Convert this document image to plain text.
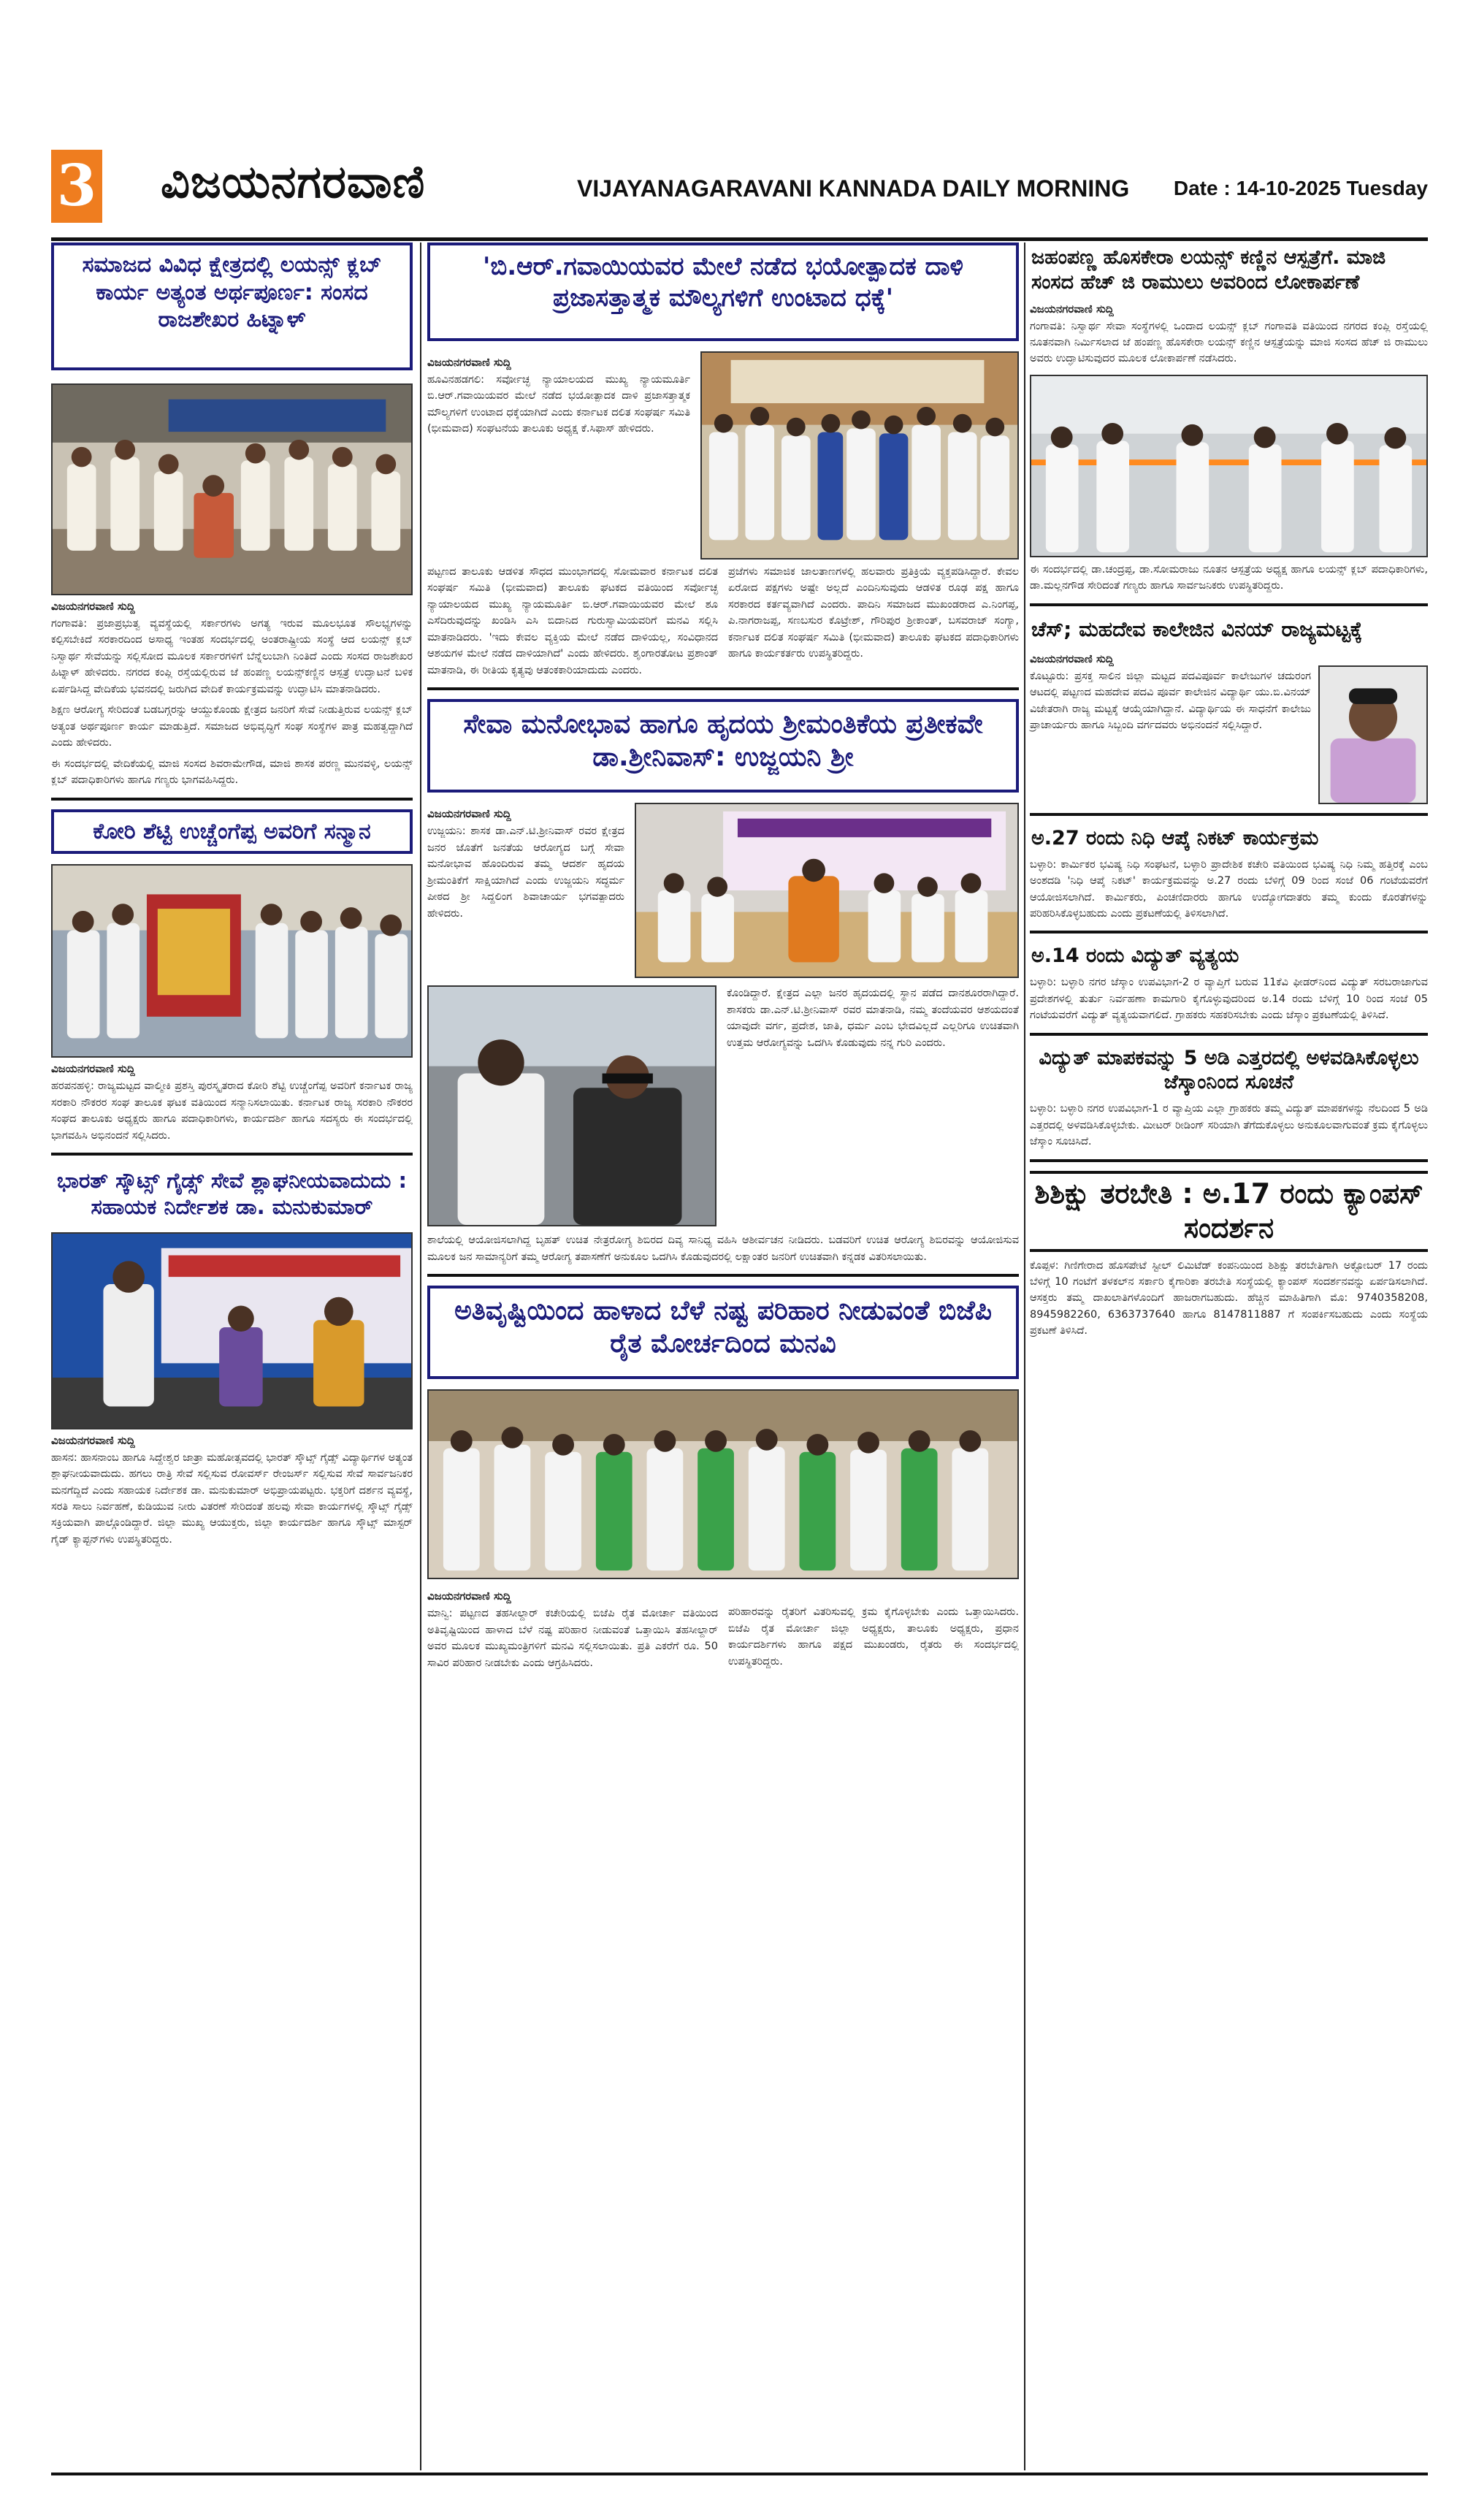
3 ವಿಜಯನಗರವಾಣಿ	VIJAYANAGARAVANI KANNADA DAILY MORNING Date : 14-10-2025 Tuesday
ಸಮಾಜದ ವಿವಿಧ ಕ್ಷೇತ್ರದಲ್ಲಿ ಲಯನ್ಸ್ ಕ್ಲಬ್ ಕಾರ್ಯ ಅತ್ಯಂತ ಅರ್ಥಪೂರ್ಣ: ಸಂಸದ ರಾಜಶೇಖರ ಹಿಟ್ನಾಳ್
ವಿಜಯನಗರವಾಣಿ ಸುದ್ದಿ

ಗಂಗಾವತಿ: ಪ್ರಜಾಪ್ರಭುತ್ವ ವ್ಯವಸ್ಥೆಯಲ್ಲಿ ಸರ್ಕಾರಗಳು ಅಗತ್ಯ ಇರುವ ಮೂಲಭೂತ ಸೌಲಭ್ಯಗಳನ್ನು ಕಲ್ಪಿಸಬೇಕಿದೆ ಸರಕಾರದಿಂದ ಅಸಾಧ್ಯ ಇಂತಹ ಸಂದರ್ಭದಲ್ಲಿ ಅಂತರಾಷ್ಟ್ರೀಯ ಸಂಸ್ಥೆ ಆದ ಲಯನ್ಸ್ ಕ್ಲಬ್ ನಿಸ್ವಾರ್ಥ ಸೇವೆಯನ್ನು ಸಲ್ಲಿಸೋದ ಮೂಲಕ ಸರ್ಕಾರಗಳಿಗೆ ಬೆನ್ನೆಲುಬಾಗಿ ನಿಂತಿದೆ ಎಂದು ಸಂಸದ ರಾಜಶೇಖರ ಹಿಟ್ನಾಳ್ ಹೇಳಿದರು. ನಗರದ ಕಂಪ್ಲಿ ರಸ್ತೆಯಲ್ಲಿರುವ ಜೆ ಹಂಪಣ್ಣ ಲಯನ್ಸ್‌ಕಣ್ಣಿನ ಆಸ್ಪತ್ರೆ ಉದ್ಘಾಟನೆ ಬಳಿಕ ಏರ್ಪಡಿಸಿದ್ದ ವೇದಿಕೆಯ ಭವನದಲ್ಲಿ ಜರುಗಿದ ವೇದಿಕೆ ಕಾರ್ಯಕ್ರಮವನ್ನು ಉದ್ಘಾಟಿಸಿ ಮಾತನಾಡಿದರು.

ಶಿಕ್ಷಣ ಆರೋಗ್ಯ ಸೇರಿದಂತೆ ಬಡಬಗ್ಗರನ್ನು ಆಯ್ದುಕೊಂಡು ಕ್ಷೇತ್ರದ ಜನರಿಗೆ ಸೇವೆ ನೀಡುತ್ತಿರುವ ಲಯನ್ಸ್ ಕ್ಲಬ್ ಅತ್ಯಂತ ಅರ್ಥಪೂರ್ಣ ಕಾರ್ಯ ಮಾಡುತ್ತಿದೆ. ಸಮಾಜದ ಅಭಿವೃದ್ಧಿಗೆ ಸಂಘ ಸಂಸ್ಥೆಗಳ ಪಾತ್ರ ಮಹತ್ವದ್ದಾಗಿದೆ ಎಂದು ಹೇಳಿದರು.

ಈ ಸಂದರ್ಭದಲ್ಲಿ ವೇದಿಕೆಯಲ್ಲಿ ಮಾಜಿ ಸಂಸದ ಶಿವರಾಮೇಗೌಡ, ಮಾಜಿ ಶಾಸಕ ಪರಣ್ಣ ಮುನವಳ್ಳಿ, ಲಯನ್ಸ್ ಕ್ಲಬ್ ಪದಾಧಿಕಾರಿಗಳು ಹಾಗೂ ಗಣ್ಯರು ಭಾಗವಹಿಸಿದ್ದರು.

ಕೋರಿ ಶೆಟ್ಟಿ ಉಚ್ಚೆಂಗೆಪ್ಪ ಅವರಿಗೆ ಸನ್ಮಾನ
ವಿಜಯನಗರವಾಣಿ ಸುದ್ದಿ

ಹರಪನಹಳ್ಳಿ: ರಾಜ್ಯಮಟ್ಟದ ವಾಲ್ಮೀಕಿ ಪ್ರಶಸ್ತಿ ಪುರಸ್ಕೃತರಾದ ಕೋರಿ ಶೆಟ್ಟಿ ಉಚ್ಚೆಂಗೆಪ್ಪ ಅವರಿಗೆ ಕರ್ನಾಟಕ ರಾಜ್ಯ ಸರಕಾರಿ ನೌಕರರ ಸಂಘ ತಾಲೂಕ ಘಟಕ ವತಿಯಿಂದ ಸನ್ಮಾನಿಸಲಾಯಿತು. ಕರ್ನಾಟಕ ರಾಜ್ಯ ಸರಕಾರಿ ನೌಕರರ ಸಂಘದ ತಾಲೂಕು ಅಧ್ಯಕ್ಷರು ಹಾಗೂ ಪದಾಧಿಕಾರಿಗಳು, ಕಾರ್ಯದರ್ಶಿ ಹಾಗೂ ಸದಸ್ಯರು ಈ ಸಂದರ್ಭದಲ್ಲಿ ಭಾಗವಹಿಸಿ ಅಭಿನಂದನೆ ಸಲ್ಲಿಸಿದರು.

ಭಾರತ್ ಸ್ಕೌಟ್ಸ್ ಗೈಡ್ಸ್ ಸೇವೆ ಶ್ಲಾಘನೀಯವಾದುದು : ಸಹಾಯಕ ನಿರ್ದೇಶಕ ಡಾ. ಮನುಕುಮಾರ್
ವಿಜಯನಗರವಾಣಿ ಸುದ್ದಿ

ಹಾಸನ: ಹಾಸನಾಂಬ ಹಾಗೂ ಸಿದ್ದೇಶ್ವರ ಜಾತ್ರಾ ಮಹೋತ್ಸವದಲ್ಲಿ ಭಾರತ್ ಸ್ಕೌಟ್ಸ್ ಗೈಡ್ಸ್ ವಿದ್ಯಾರ್ಥಿಗಳ ಅತ್ಯಂತ ಶ್ಲಾಘನೀಯವಾದುದು. ಹಗಲು ರಾತ್ರಿ ಸೇವೆ ಸಲ್ಲಿಸುವ ರೋವರ್ಸ್ ರೇಂಜರ್ಸ್ ಸಲ್ಲಿಸುವ ಸೇವೆ ಸಾರ್ವಜನಿಕರ ಮನಗೆದ್ದಿದೆ ಎಂದು ಸಹಾಯಕ ನಿರ್ದೇಶಕ ಡಾ. ಮನುಕುಮಾರ್ ಅಭಿಪ್ರಾಯಪಟ್ಟರು. ಭಕ್ತರಿಗೆ ದರ್ಶನ ವ್ಯವಸ್ಥೆ, ಸರತಿ ಸಾಲು ನಿರ್ವಹಣೆ, ಕುಡಿಯುವ ನೀರು ವಿತರಣೆ ಸೇರಿದಂತೆ ಹಲವು ಸೇವಾ ಕಾರ್ಯಗಳಲ್ಲಿ ಸ್ಕೌಟ್ಸ್ ಗೈಡ್ಸ್ ಸಕ್ರಿಯವಾಗಿ ಪಾಲ್ಗೊಂಡಿದ್ದಾರೆ. ಜಿಲ್ಲಾ ಮುಖ್ಯ ಆಯುಕ್ತರು, ಜಿಲ್ಲಾ ಕಾರ್ಯದರ್ಶಿ ಹಾಗೂ ಸ್ಕೌಟ್ಸ್ ಮಾಸ್ಟರ್ ಗೈಡ್ ಕ್ಯಾಪ್ಟನ್‌ಗಳು ಉಪಸ್ಥಿತರಿದ್ದರು.

'ಬಿ.ಆರ್.ಗವಾಯಿಯವರ ಮೇಲೆ ನಡೆದ ಭಯೋತ್ಪಾದಕ ದಾಳಿ ಪ್ರಜಾಸತ್ತಾತ್ಮಕ ಮೌಲ್ಯಗಳಿಗೆ ಉಂಟಾದ ಧಕ್ಕೆ'
ವಿಜಯನಗರವಾಣಿ ಸುದ್ದಿ

ಹೂವಿನಹಡಗಲಿ: ಸರ್ವೋಚ್ಛ ನ್ಯಾಯಾಲಯದ ಮುಖ್ಯ ನ್ಯಾಯಮೂರ್ತಿ ಬಿ.ಆರ್.ಗವಾಯಿಯವರ ಮೇಲೆ ನಡೆದ ಭಯೋತ್ಪಾದಕ ದಾಳಿ ಪ್ರಜಾಸತ್ತಾತ್ಮಕ ಮೌಲ್ಯಗಳಿಗೆ ಉಂಟಾದ ಧಕ್ಕೆಯಾಗಿದೆ ಎಂದು ಕರ್ನಾಟಕ ದಲಿತ ಸಂಘರ್ಷ ಸಮಿತಿ (ಭೀಮವಾದ) ಸಂಘಟನೆಯ ತಾಲೂಕು ಅಧ್ಯಕ್ಷ ಕೆ.ಸಿಫಾಸ್ ಹೇಳಿದರು.

ಪಟ್ಟಣದ ತಾಲೂಕು ಆಡಳಿತ ಸೌಧದ ಮುಂಭಾಗದಲ್ಲಿ ಸೋಮವಾರ ಕರ್ನಾಟಕ ದಲಿತ ಸಂಘರ್ಷ ಸಮಿತಿ (ಭೀಮವಾದ) ತಾಲೂಕು ಘಟಕದ ವತಿಯಿಂದ ಸರ್ವೋಚ್ಛ ನ್ಯಾಯಾಲಯದ ಮುಖ್ಯ ನ್ಯಾಯಮೂರ್ತಿ ಬಿ.ಆರ್.ಗವಾಯಿಯವರ ಮೇಲೆ ಶೂ ಎಸೆದಿರುವುದನ್ನು ಖಂಡಿಸಿ ಎಸಿ ಬಿದಾನಿದ ಗುರುಸ್ವಾಮಿಯವರಿಗೆ ಮನವಿ ಸಲ್ಲಿಸಿ ಮಾತನಾಡಿದರು. 'ಇದು ಕೇವಲ ವ್ಯಕ್ತಿಯ ಮೇಲೆ ನಡೆದ ದಾಳಿಯಲ್ಲ, ಸಂವಿಧಾನದ ಆಶಯಗಳ ಮೇಲೆ ನಡೆದ ದಾಳಿಯಾಗಿದೆ' ಎಂದು ಹೇಳಿದರು. ಶೃಂಗಾರತೋಟ ಪ್ರಶಾಂತ್ ಮಾತನಾಡಿ, ಈ ರೀತಿಯ ಕೃತ್ಯವು ಆತಂಕಕಾರಿಯಾದುದು ಎಂದರು.

ಪ್ರಜೆಗಳು ಸಮಾಜಿಕ ಜಾಲತಾಣಗಳಲ್ಲಿ ಹಲವಾರು ಪ್ರತಿಕ್ರಿಯೆ ವ್ಯಕ್ತಪಡಿಸಿದ್ದಾರೆ. ಕೇವಲ ಏರೋದ ಪಕ್ಷಗಳು ಅಷ್ಟೇ ಅಲ್ಲದೆ ಎಂದಿನಿಸುವುದು ಆಡಳಿತ ರೂಢ ಪಕ್ಷ ಹಾಗೂ ಸರಕಾರದ ಕರ್ತವ್ಯವಾಗಿದೆ ಎಂದರು. ಪಾದಿನಿ ಸಮಾಜದ ಮುಖಂಡರಾದ ಎ.ನಿಂಗಪ್ಪ, ಪಿ.ನಾಗರಾಜಪ್ಪ, ಸಣಬಸುರ ಕೊಟ್ರೇಶ್, ಗೌರಿಪುರ ಶ್ರೀಕಾಂತ್, ಬಸವರಾಜ್ ಸಂಗ್ಯಾ, ಕರ್ನಾಟಕ ದಲಿತ ಸಂಘರ್ಷ ಸಮಿತಿ (ಭೀಮವಾದ) ತಾಲೂಕು ಘಟಕದ ಪದಾಧಿಕಾರಿಗಳು ಹಾಗೂ ಕಾರ್ಯಕರ್ತರು ಉಪಸ್ಥಿತರಿದ್ದರು.

ಸೇವಾ ಮನೋಭಾವ ಹಾಗೂ ಹೃದಯ ಶ್ರೀಮಂತಿಕೆಯ ಪ್ರತೀಕವೇ ಡಾ.ಶ್ರೀನಿವಾಸ್: ಉಜ್ಜಯನಿ ಶ್ರೀ
ವಿಜಯನಗರವಾಣಿ ಸುದ್ದಿ

ಉಜ್ಜಯನಿ: ಶಾಸಕ ಡಾ.ಎನ್.ಟಿ.ಶ್ರೀನಿವಾಸ್ ರವರ ಕ್ಷೇತ್ರದ ಜನರ ಜೊತೆಗೆ ಜನತೆಯ ಆರೋಗ್ಯದ ಬಗ್ಗೆ ಸೇವಾ ಮನೋಭಾವ ಹೊಂದಿರುವ ತಮ್ಮ ಆದರ್ಶ ಹೃದಯ ಶ್ರೀಮಂತಿಕೆಗೆ ಸಾಕ್ಷಿಯಾಗಿದೆ ಎಂದು ಉಜ್ಜಯನಿ ಸದ್ಧರ್ಮ ಪೀಠದ ಶ್ರೀ ಸಿದ್ದಲಿಂಗ ಶಿವಾಚಾರ್ಯ ಭಗವತ್ಪಾದರು ಹೇಳಿದರು.

ಕೊಂಡಿದ್ದಾರೆ. ಕ್ಷೇತ್ರದ ಎಲ್ಲಾ ಜನರ ಹೃದಯದಲ್ಲಿ ಸ್ಥಾನ ಪಡೆದ ದಾನಶೂರರಾಗಿದ್ದಾರೆ. ಶಾಸಕರು ಡಾ.ಎನ್.ಟಿ.ಶ್ರೀನಿವಾಸ್ ರವರ ಮಾತನಾಡಿ, ನಮ್ಮ ತಂದೆಯವರ ಆಶಯದಂತೆ ಯಾವುದೇ ವರ್ಗ, ಪ್ರದೇಶ, ಜಾತಿ, ಧರ್ಮ ಎಂಬ ಭೇದವಿಲ್ಲದೆ ಎಲ್ಲರಿಗೂ ಉಚಿತವಾಗಿ ಉತ್ತಮ ಆರೋಗ್ಯವನ್ನು ಒದಗಿಸಿ ಕೊಡುವುದು ನನ್ನ ಗುರಿ ಎಂದರು.

ಶಾಲೆಯಲ್ಲಿ ಆಯೋಜಿಸಲಾಗಿದ್ದ ಬೃಹತ್ ಉಚಿತ ನೇತ್ರರೋಗ್ಯ ಶಿಬಿರದ ದಿವ್ಯ ಸಾನಿಧ್ಯ ವಹಿಸಿ ಆಶೀರ್ವಚನ ನೀಡಿದರು. ಬಡವರಿಗೆ ಉಚಿತ ಆರೋಗ್ಯ ಶಿಬಿರವನ್ನು ಆಯೋಜಿಸುವ ಮೂಲಕ ಜನ ಸಾಮಾನ್ಯರಿಗೆ ತಮ್ಮ ಆರೋಗ್ಯ ತಪಾಸಣೆಗೆ ಅನುಕೂಲ ಒದಗಿಸಿ ಕೊಡುವುದರಲ್ಲಿ ಲಕ್ಷಾಂತರ ಜನರಿಗೆ ಉಚಿತವಾಗಿ ಕನ್ನಡಕ ವಿತರಿಸಲಾಯಿತು.

ಅತಿವೃಷ್ಟಿಯಿಂದ ಹಾಳಾದ ಬೆಳೆ ನಷ್ಟ ಪರಿಹಾರ ನೀಡುವಂತೆ ಬಿಜೆಪಿ ರೈತ ಮೋರ್ಚದಿಂದ ಮನವಿ
ವಿಜಯನಗರವಾಣಿ ಸುದ್ದಿ

ಮಾನ್ವಿ: ಪಟ್ಟಣದ ತಹಸೀಲ್ದಾರ್ ಕಚೇರಿಯಲ್ಲಿ ಬಿಜೆಪಿ ರೈತ ಮೋರ್ಚಾ ವತಿಯಿಂದ ಅತಿವೃಷ್ಟಿಯಿಂದ ಹಾಳಾದ ಬೆಳೆ ನಷ್ಟ ಪರಿಹಾರ ನೀಡುವಂತೆ ಒತ್ತಾಯಿಸಿ ತಹಸೀಲ್ದಾರ್ ಅವರ ಮೂಲಕ ಮುಖ್ಯಮಂತ್ರಿಗಳಿಗೆ ಮನವಿ ಸಲ್ಲಿಸಲಾಯಿತು. ಪ್ರತಿ ಎಕರೆಗೆ ರೂ. 50 ಸಾವಿರ ಪರಿಹಾರ ನೀಡಬೇಕು ಎಂದು ಆಗ್ರಹಿಸಿದರು.

ಪರಿಹಾರವನ್ನು ರೈತರಿಗೆ ವಿತರಿಸುವಲ್ಲಿ ಕ್ರಮ ಕೈಗೊಳ್ಳಬೇಕು ಎಂದು ಒತ್ತಾಯಿಸಿದರು. ಬಿಜೆಪಿ ರೈತ ಮೋರ್ಚಾ ಜಿಲ್ಲಾ ಅಧ್ಯಕ್ಷರು, ತಾಲೂಕು ಅಧ್ಯಕ್ಷರು, ಪ್ರಧಾನ ಕಾರ್ಯದರ್ಶಿಗಳು ಹಾಗೂ ಪಕ್ಷದ ಮುಖಂಡರು, ರೈತರು ಈ ಸಂದರ್ಭದಲ್ಲಿ ಉಪಸ್ಥಿತರಿದ್ದರು.

ಜಹಂಪಣ್ಣ ಹೊಸಕೇರಾ ಲಯನ್ಸ್ ಕಣ್ಣಿನ ಆಸ್ಪತ್ರೆಗೆ. ಮಾಜಿ ಸಂಸದ ಹೆಚ್ ಜಿ ರಾಮುಲು ಅವರಿಂದ ಲೋಕಾರ್ಪಣೆ
ವಿಜಯನಗರವಾಣಿ ಸುದ್ದಿ

ಗಂಗಾವತಿ: ನಿಸ್ವಾರ್ಥ ಸೇವಾ ಸಂಸ್ಥೆಗಳಲ್ಲಿ ಒಂದಾದ ಲಯನ್ಸ್ ಕ್ಲಬ್ ಗಂಗಾವತಿ ವತಿಯಿಂದ ನಗರದ ಕಂಪ್ಲಿ ರಸ್ತೆಯಲ್ಲಿ ನೂತನವಾಗಿ ನಿರ್ಮಿಸಲಾದ ಜೆ ಹಂಪಣ್ಣ ಹೊಸಕೇರಾ ಲಯನ್ಸ್ ಕಣ್ಣಿನ ಆಸ್ಪತ್ರೆಯನ್ನು ಮಾಜಿ ಸಂಸದ ಹೆಚ್ ಜಿ ರಾಮುಲು ಅವರು ಉದ್ಘಾಟಿಸುವುದರ ಮೂಲಕ ಲೋಕಾರ್ಪಣೆ ನಡೆಸಿದರು.

ಈ ಸಂದರ್ಭದಲ್ಲಿ ಡಾ.ಚಂದ್ರಪ್ಪ, ಡಾ.ಸೋಮರಾಜು ನೂತನ ಆಸ್ಪತ್ರೆಯ ಅಧ್ಯಕ್ಷ ಹಾಗೂ ಲಯನ್ಸ್ ಕ್ಲಬ್ ಪದಾಧಿಕಾರಿಗಳು, ಡಾ.ಮಲ್ಲನಗೌಡ ಸೇರಿದಂತೆ ಗಣ್ಯರು ಹಾಗೂ ಸಾರ್ವಜನಿಕರು ಉಪಸ್ಥಿತರಿದ್ದರು.

ಚೆಸ್; ಮಹದೇವ ಕಾಲೇಜಿನ ವಿನಯ್ ರಾಜ್ಯಮಟ್ಟಕ್ಕೆ
ವಿಜಯನಗರವಾಣಿ ಸುದ್ದಿ

ಕೊಟ್ಟೂರು: ಪ್ರಸಕ್ತ ಸಾಲಿನ ಜಿಲ್ಲಾ ಮಟ್ಟದ ಪದವಿಪೂರ್ವ ಕಾಲೇಜುಗಳ ಚದುರಂಗ ಆಟದಲ್ಲಿ ಪಟ್ಟಣದ ಮಹದೇವ ಪದವಿ ಪೂರ್ವ ಕಾಲೇಜಿನ ವಿದ್ಯಾರ್ಥಿ ಯು.ಬಿ.ವಿನಯ್ ವಿಜೇತರಾಗಿ ರಾಜ್ಯ ಮಟ್ಟಕ್ಕೆ ಆಯ್ಕೆಯಾಗಿದ್ದಾನೆ. ವಿದ್ಯಾರ್ಥಿಯ ಈ ಸಾಧನೆಗೆ ಕಾಲೇಜು ಪ್ರಾಚಾರ್ಯರು ಹಾಗೂ ಸಿಬ್ಬಂದಿ ವರ್ಗದವರು ಅಭಿನಂದನೆ ಸಲ್ಲಿಸಿದ್ದಾರೆ.

ಅ.27 ರಂದು ನಿಧಿ ಆಪ್ಕೆ ನಿಕಟ್ ಕಾರ್ಯಕ್ರಮ

ಬಳ್ಳಾರಿ: ಕಾರ್ಮಿಕರ ಭವಿಷ್ಯ ನಿಧಿ ಸಂಘಟನೆ, ಬಳ್ಳಾರಿ ಪ್ರಾದೇಶಿಕ ಕಚೇರಿ ವತಿಯಿಂದ ಭವಿಷ್ಯ ನಿಧಿ ನಿಮ್ಮ ಹತ್ತಿರಕ್ಕೆ ಎಂಬ ಅಂಶದಡಿ 'ನಿಧಿ ಆಪ್ಕೆ ನಿಕಟ್' ಕಾರ್ಯಕ್ರಮವನ್ನು ಅ.27 ರಂದು ಬೆಳಿಗ್ಗೆ 09 ರಿಂದ ಸಂಜೆ 06 ಗಂಟೆಯವರೆಗೆ ಆಯೋಜಿಸಲಾಗಿದೆ. ಕಾರ್ಮಿಕರು, ಪಿಂಚಣಿದಾರರು ಹಾಗೂ ಉದ್ಯೋಗದಾತರು ತಮ್ಮ ಕುಂದು ಕೊರತೆಗಳನ್ನು ಪರಿಹರಿಸಿಕೊಳ್ಳಬಹುದು ಎಂದು ಪ್ರಕಟಣೆಯಲ್ಲಿ ತಿಳಿಸಲಾಗಿದೆ.

ಅ.14 ರಂದು ವಿದ್ಯುತ್ ವ್ಯತ್ಯಯ

ಬಳ್ಳಾರಿ: ಬಳ್ಳಾರಿ ನಗರ ಜೆಸ್ಕಾಂ ಉಪವಿಭಾಗ-2 ರ ವ್ಯಾಪ್ತಿಗೆ ಬರುವ 11ಕೆವಿ ಫೀಡರ್‌ನಿಂದ ವಿದ್ಯುತ್ ಸರಬರಾಜಾಗುವ ಪ್ರದೇಶಗಳಲ್ಲಿ ತುರ್ತು ನಿರ್ವಹಣಾ ಕಾಮಗಾರಿ ಕೈಗೊಳ್ಳುವುದರಿಂದ ಅ.14 ರಂದು ಬೆಳಿಗ್ಗೆ 10 ರಿಂದ ಸಂಜೆ 05 ಗಂಟೆಯವರೆಗೆ ವಿದ್ಯುತ್ ವ್ಯತ್ಯಯವಾಗಲಿದೆ. ಗ್ರಾಹಕರು ಸಹಕರಿಸಬೇಕು ಎಂದು ಜೆಸ್ಕಾಂ ಪ್ರಕಟಣೆಯಲ್ಲಿ ತಿಳಿಸಿದೆ.

ವಿದ್ಯುತ್ ಮಾಪಕವನ್ನು 5 ಅಡಿ ಎತ್ತರದಲ್ಲಿ ಅಳವಡಿಸಿಕೊಳ್ಳಲು ಜೆಸ್ಕಾಂನಿಂದ ಸೂಚನೆ

ಬಳ್ಳಾರಿ: ಬಳ್ಳಾರಿ ನಗರ ಉಪವಿಭಾಗ-1 ರ ವ್ಯಾಪ್ತಿಯ ಎಲ್ಲಾ ಗ್ರಾಹಕರು ತಮ್ಮ ವಿದ್ಯುತ್ ಮಾಪಕಗಳನ್ನು ನೆಲದಿಂದ 5 ಅಡಿ ಎತ್ತರದಲ್ಲಿ ಅಳವಡಿಸಿಕೊಳ್ಳಬೇಕು. ಮೀಟರ್ ರೀಡಿಂಗ್ ಸರಿಯಾಗಿ ತೆಗೆದುಕೊಳ್ಳಲು ಅನುಕೂಲವಾಗುವಂತೆ ಕ್ರಮ ಕೈಗೊಳ್ಳಲು ಜೆಸ್ಕಾಂ ಸೂಚಿಸಿದೆ.

ಶಿಶಿಕ್ಷು ತರಬೇತಿ : ಅ.17 ರಂದು ಕ್ಯಾಂಪಸ್ ಸಂದರ್ಶನ

ಕೊಪ್ಪಳ: ಗಿಣಿಗೇರಾದ ಹೊಸಪೇಟೆ ಸ್ಟೀಲ್ ಲಿಮಿಟೆಡ್ ಕಂಪನಿಯಿಂದ ಶಿಶಿಕ್ಷು ತರಬೇತಿಗಾಗಿ ಅಕ್ಟೋಬರ್ 17 ರಂದು ಬೆಳಿಗ್ಗೆ 10 ಗಂಟೆಗೆ ತಳಕಲ್‌ನ ಸರ್ಕಾರಿ ಕೈಗಾರಿಕಾ ತರಬೇತಿ ಸಂಸ್ಥೆಯಲ್ಲಿ ಕ್ಯಾಂಪಸ್ ಸಂದರ್ಶನವನ್ನು ಏರ್ಪಡಿಸಲಾಗಿದೆ. ಆಸಕ್ತರು ತಮ್ಮ ದಾಖಲಾತಿಗಳೊಂದಿಗೆ ಹಾಜರಾಗಬಹುದು. ಹೆಚ್ಚಿನ ಮಾಹಿತಿಗಾಗಿ ಮೊ: 9740358208, 8945982260, 6363737640 ಹಾಗೂ 8147811887 ಗೆ ಸಂಪರ್ಕಿಸಬಹುದು ಎಂದು ಸಂಸ್ಥೆಯ ಪ್ರಕಟಣೆ ತಿಳಿಸಿದೆ.
